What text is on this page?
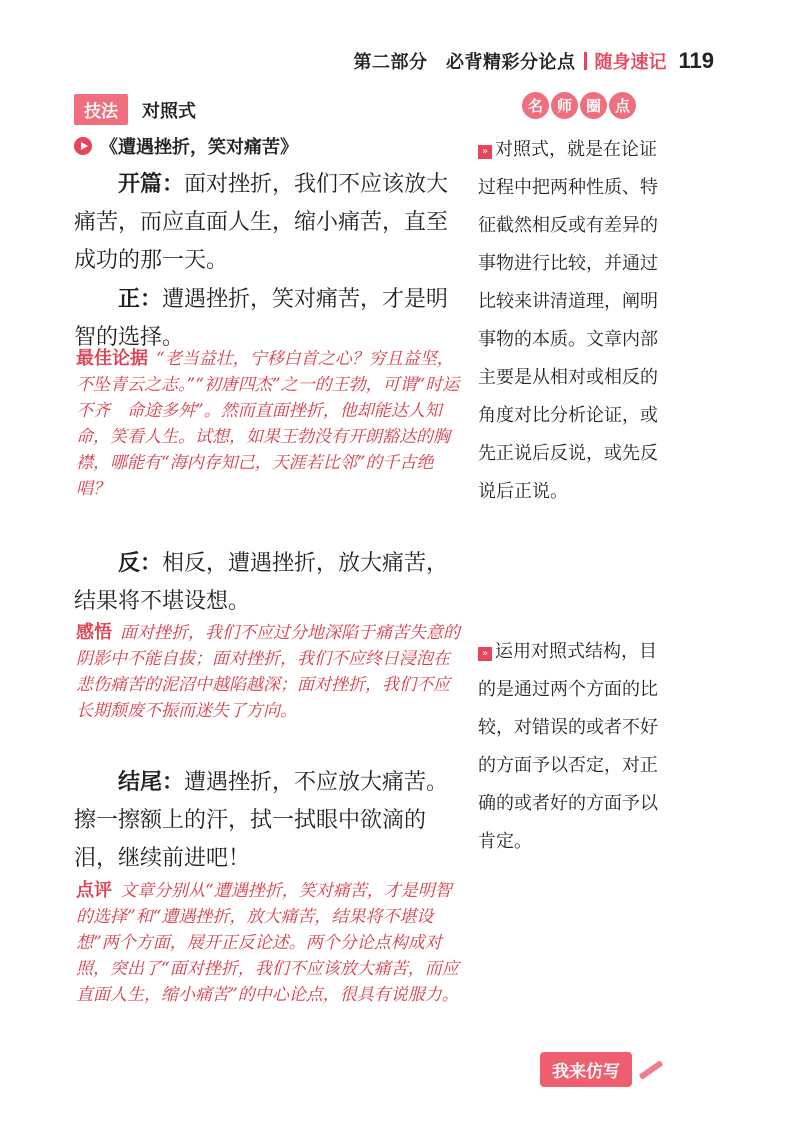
第二部分　必背精彩分论点 随身速记 119
技法	对照式	名 师 圈 点
《遭遇挫折，笑对痛苦》
开篇：面对挫折，我们不应该放大痛苦，而应直面人生，缩小痛苦，直至成功的那一天。
正：遭遇挫折，笑对痛苦，才是明智的选择。
最佳论据 “老当益壮，宁移白首之心？穷且益坚，不坠青云之志。”“初唐四杰”之一的王勃，可谓“时运不齐　命途多舛”。然而直面挫折，他却能达人知命，笑看人生。试想，如果王勃没有开朗豁达的胸襟，哪能有“海内存知己，天涯若比邻”的千古绝唱？
反：相反，遭遇挫折，放大痛苦，结果将不堪设想。
感悟 面对挫折，我们不应过分地深陷于痛苦失意的阴影中不能自拔；面对挫折，我们不应终日浸泡在悲伤痛苦的泥沼中越陷越深；面对挫折，我们不应长期颓废不振而迷失了方向。
结尾：遭遇挫折，不应放大痛苦。擦一擦额上的汗，拭一拭眼中欲滴的泪，继续前进吧！
点评 文章分别从“遭遇挫折，笑对痛苦，才是明智的选择”和“遭遇挫折，放大痛苦，结果将不堪设想”两个方面，展开正反论述。两个分论点构成对照，突出了“面对挫折，我们不应该放大痛苦，而应直面人生，缩小痛苦”的中心论点，很具有说服力。
» 对照式，就是在论证过程中把两种性质、特征截然相反或有差异的事物进行比较，并通过比较来讲清道理，阐明事物的本质。文章内部主要是从相对或相反的角度对比分析论证，或先正说后反说，或先反说后正说。
» 运用对照式结构，目的是通过两个方面的比较，对错误的或者不好的方面予以否定，对正确的或者好的方面予以肯定。
我来仿写
